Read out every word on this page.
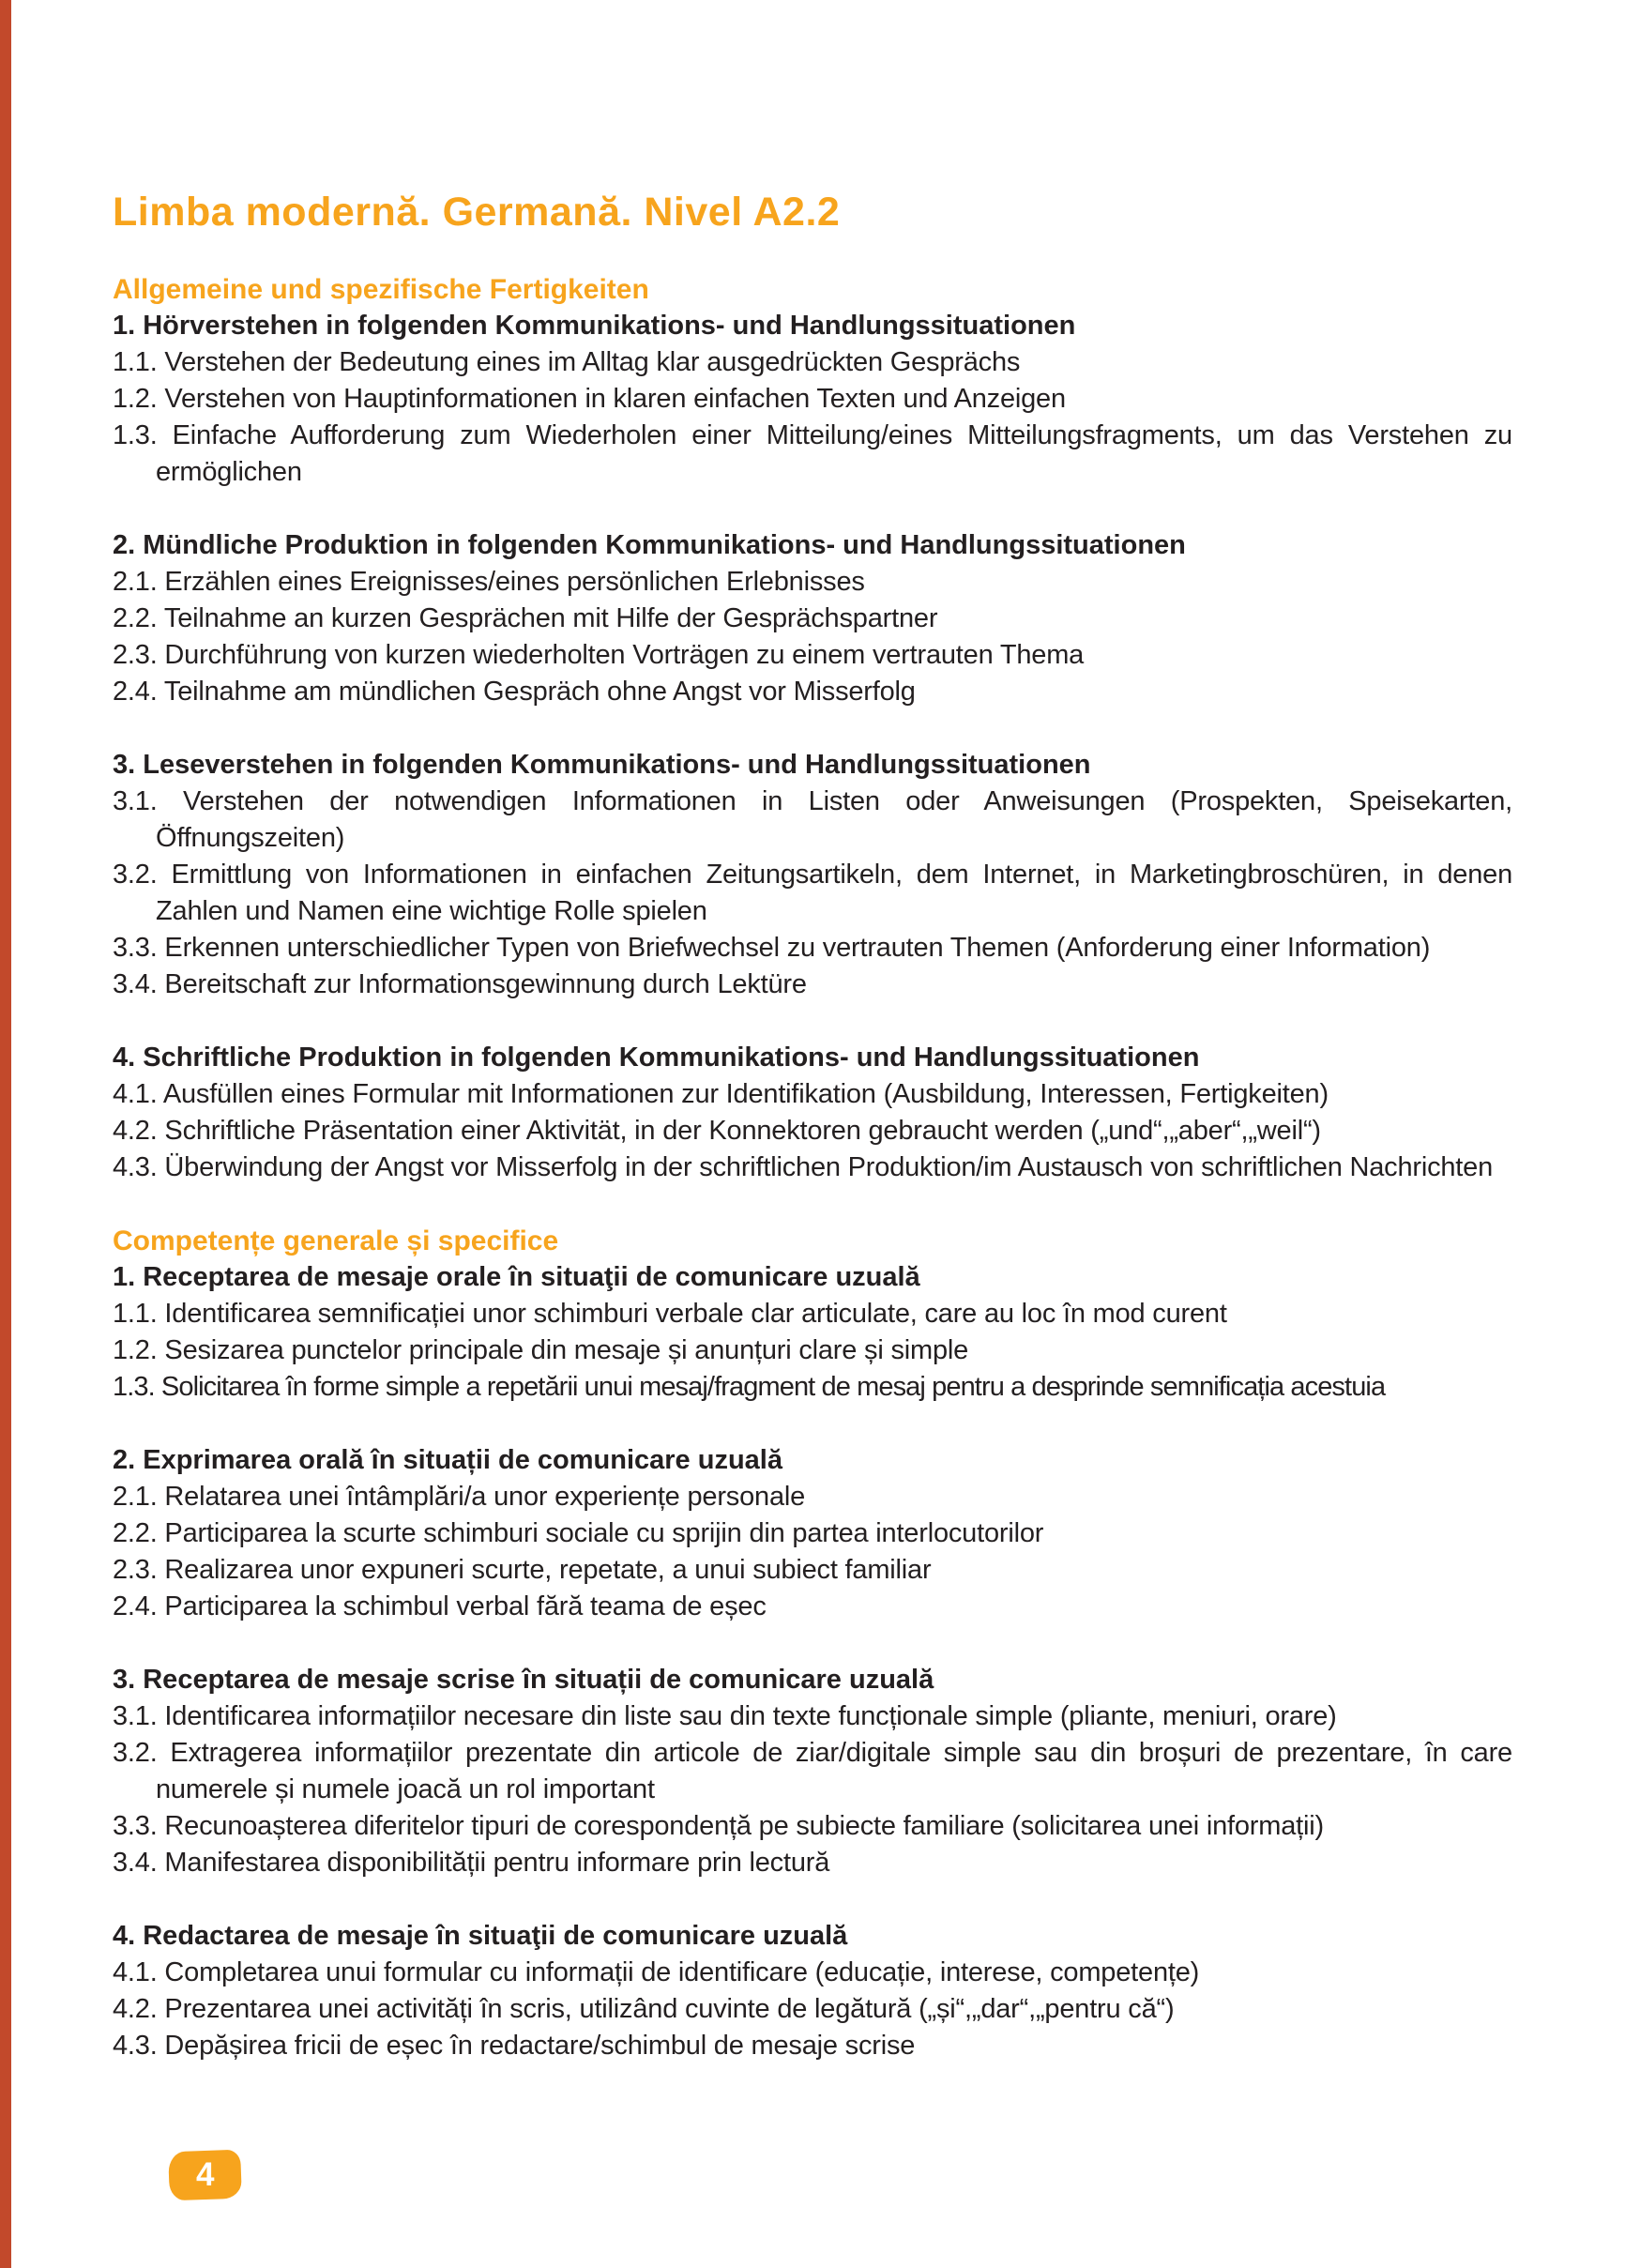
Limba modernă. Germană. Nivel A2.2
Allgemeine und spezifische Fertigkeiten

1. Hörverstehen in folgenden Kommunikations- und Handlungssituationen

1.1. Verstehen der Bedeutung eines im Alltag klar ausgedrückten Gesprächs

1.2. Verstehen von Hauptinformationen in klaren einfachen Texten und Anzeigen

1.3. Einfache Aufforderung zum Wiederholen einer Mitteilung/eines Mitteilungsfragments, um das Verstehen zu ermöglichen

2. Mündliche Produktion in folgenden Kommunikations- und Handlungssituationen

2.1. Erzählen eines Ereignisses/eines persönlichen Erlebnisses

2.2. Teilnahme an kurzen Gesprächen mit Hilfe der Gesprächspartner

2.3. Durchführung von kurzen wiederholten Vorträgen zu einem vertrauten Thema

2.4. Teilnahme am mündlichen Gespräch ohne Angst vor Misserfolg

3. Leseverstehen in folgenden Kommunikations- und Handlungssituationen

3.1. Verstehen der notwendigen Informationen in Listen oder Anweisungen (Prospekten, Speisekarten, Öffnungszeiten)

3.2. Ermittlung von Informationen in einfachen Zeitungsartikeln, dem Internet, in Marketingbroschüren, in denen Zahlen und Namen eine wichtige Rolle spielen

3.3. Erkennen unterschiedlicher Typen von Briefwechsel zu vertrauten Themen (Anforderung einer Information)

3.4. Bereitschaft zur Informationsgewinnung durch Lektüre

4. Schriftliche Produktion in folgenden Kommunikations- und Handlungssituationen

4.1. Ausfüllen eines Formular mit Informationen zur Identifikation (Ausbildung, Interessen, Fertigkeiten)

4.2. Schriftliche Präsentation einer Aktivität, in der Konnektoren gebraucht werden („und“,„aber“,„weil“)

4.3. Überwindung der Angst vor Misserfolg in der schriftlichen Produktion/im Austausch von schriftlichen Nachrichten

Competențe generale și specifice

1. Receptarea de mesaje orale în situaţii de comunicare uzuală

1.1. Identificarea semnificației unor schimburi verbale clar articulate, care au loc în mod curent

1.2. Sesizarea punctelor principale din mesaje și anunțuri clare și simple

1.3. Solicitarea în forme simple a repetării unui mesaj/fragment de mesaj pentru a desprinde semnificația acestuia

2. Exprimarea orală în situații de comunicare uzuală

2.1. Relatarea unei întâmplări/a unor experiențe personale

2.2. Participarea la scurte schimburi sociale cu sprijin din partea interlocutorilor

2.3. Realizarea unor expuneri scurte, repetate, a unui subiect familiar

2.4. Participarea la schimbul verbal fără teama de eșec

3. Receptarea de mesaje scrise în situații de comunicare uzuală

3.1. Identificarea informațiilor necesare din liste sau din texte funcționale simple (pliante, meniuri, orare)

3.2. Extragerea informațiilor prezentate din articole de ziar/digitale simple sau din broșuri de prezentare, în care numerele și numele joacă un rol important

3.3. Recunoașterea diferitelor tipuri de corespondență pe subiecte familiare (solicitarea unei informații)

3.4. Manifestarea disponibilității pentru informare prin lectură

4. Redactarea de mesaje în situaţii de comunicare uzuală

4.1. Completarea unui formular cu informații de identificare (educație, interese, competențe)

4.2. Prezentarea unei activități în scris, utilizând cuvinte de legătură („și“,„dar“,„pentru că“)

4.3. Depășirea fricii de eșec în redactare/schimbul de mesaje scrise

4
